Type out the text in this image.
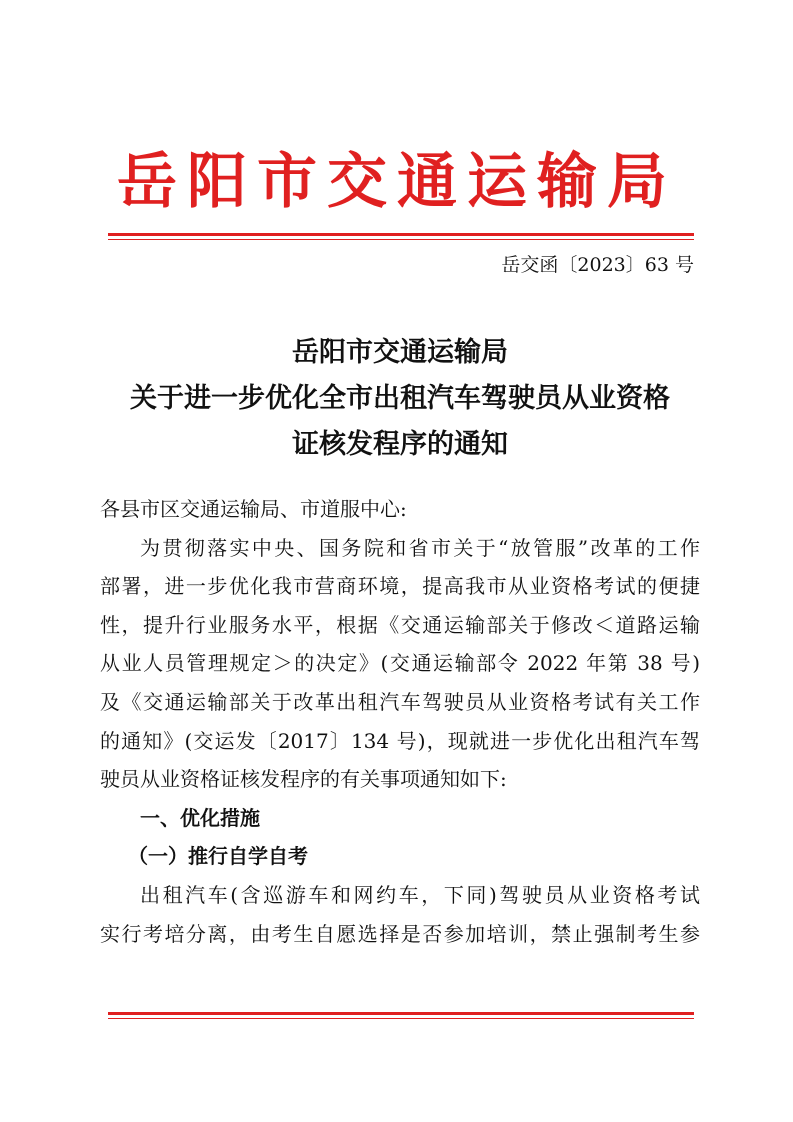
岳阳市交通运输局
岳交函〔2023〕63 号
岳阳市交通运输局
关于进一步优化全市出租汽车驾驶员从业资格
证核发程序的通知
各县市区交通运输局、市道服中心:
为贯彻落实中央、国务院和省市关于“放管服”改革的工作
部署，进一步优化我市营商环境，提高我市从业资格考试的便捷
性，提升行业服务水平，根据《交通运输部关于修改＜道路运输
从业人员管理规定＞的决定》(交通运输部令 2022 年第 38 号)
及《交通运输部关于改革出租汽车驾驶员从业资格考试有关工作
的通知》(交运发〔2017〕134 号)，现就进一步优化出租汽车驾
驶员从业资格证核发程序的有关事项通知如下:
一、优化措施
（一）推行自学自考
出租汽车(含巡游车和网约车，下同)驾驶员从业资格考试
实行考培分离，由考生自愿选择是否参加培训，禁止强制考生参
